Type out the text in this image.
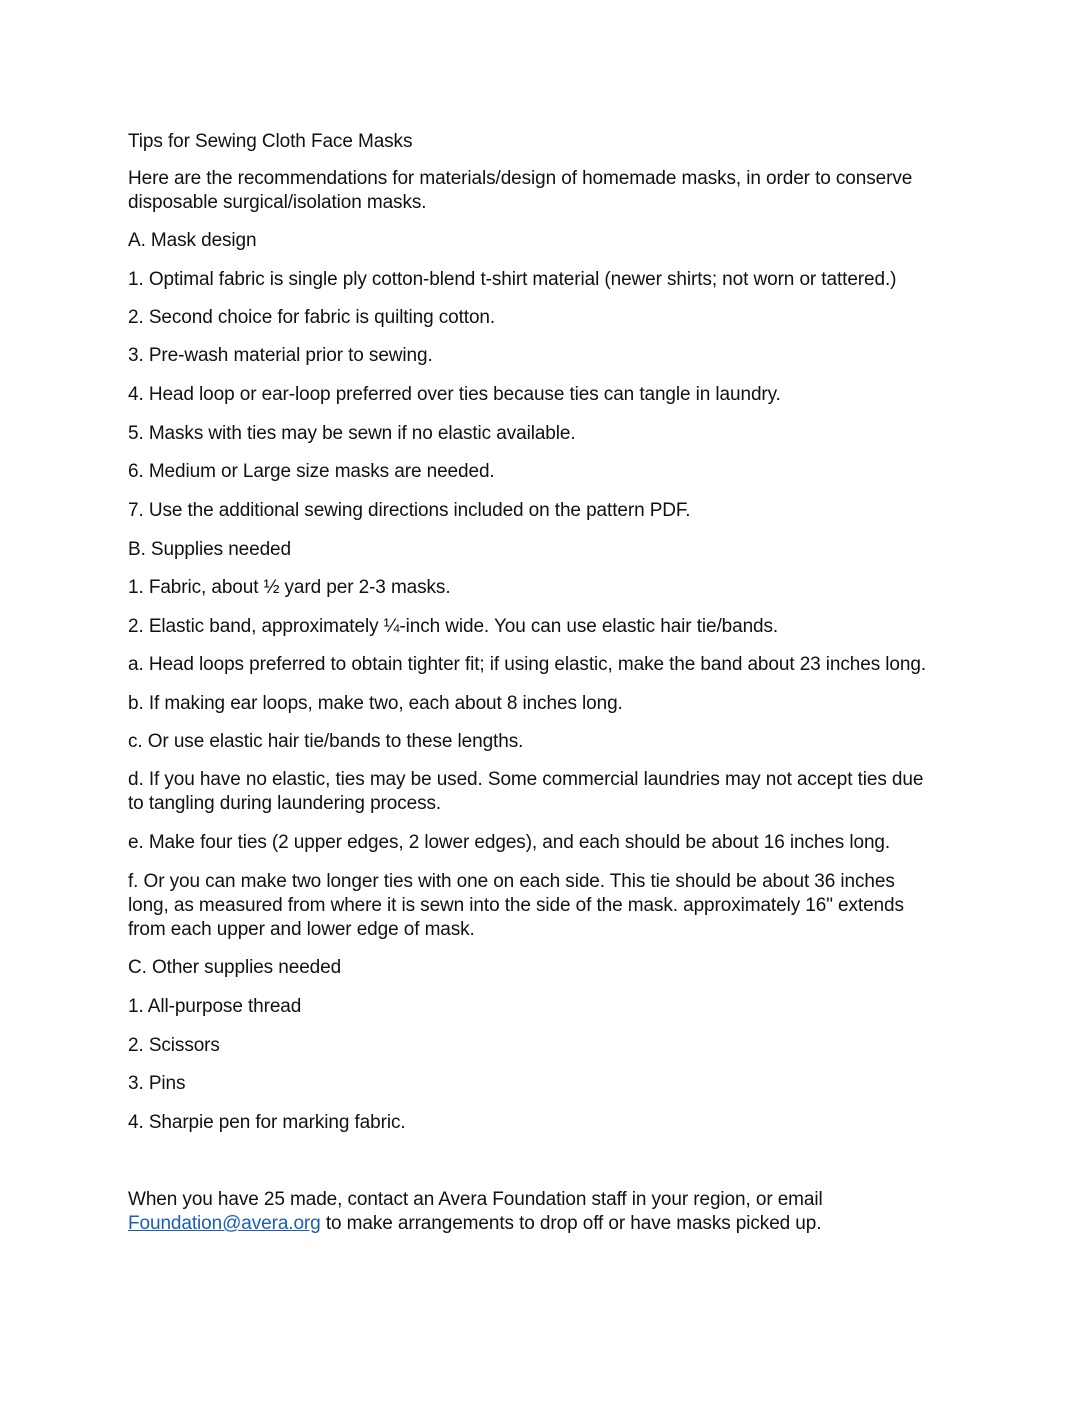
Tips for Sewing Cloth Face Masks

Here are the recommendations for materials/design of homemade masks, in order to conserve

disposable surgical/isolation masks.

A. Mask design

1. Optimal fabric is single ply cotton-blend t-shirt material (newer shirts; not worn or tattered.)

2. Second choice for fabric is quilting cotton.

3. Pre-wash material prior to sewing.

4. Head loop or ear-loop preferred over ties because ties can tangle in laundry.

5. Masks with ties may be sewn if no elastic available.

6. Medium or Large size masks are needed.

7. Use the additional sewing directions included on the pattern PDF.

B. Supplies needed

1. Fabric, about ½ yard per 2-3 masks.

2. Elastic band, approximately ¼-inch wide. You can use elastic hair tie/bands.

a. Head loops preferred to obtain tighter fit; if using elastic, make the band about 23 inches long.

b. If making ear loops, make two, each about 8 inches long.

c. Or use elastic hair tie/bands to these lengths.

d. If you have no elastic, ties may be used. Some commercial laundries may not accept ties due

to tangling during laundering process.

e. Make four ties (2 upper edges, 2 lower edges), and each should be about 16 inches long.

f. Or you can make two longer ties with one on each side. This tie should be about 36 inches

long, as measured from where it is sewn into the side of the mask. approximately 16" extends

from each upper and lower edge of mask.

C. Other supplies needed

1. All-purpose thread

2. Scissors

3. Pins

4. Sharpie pen for marking fabric.

When you have 25 made, contact an Avera Foundation staff in your region, or email

Foundation@avera.org to make arrangements to drop off or have masks picked up.
